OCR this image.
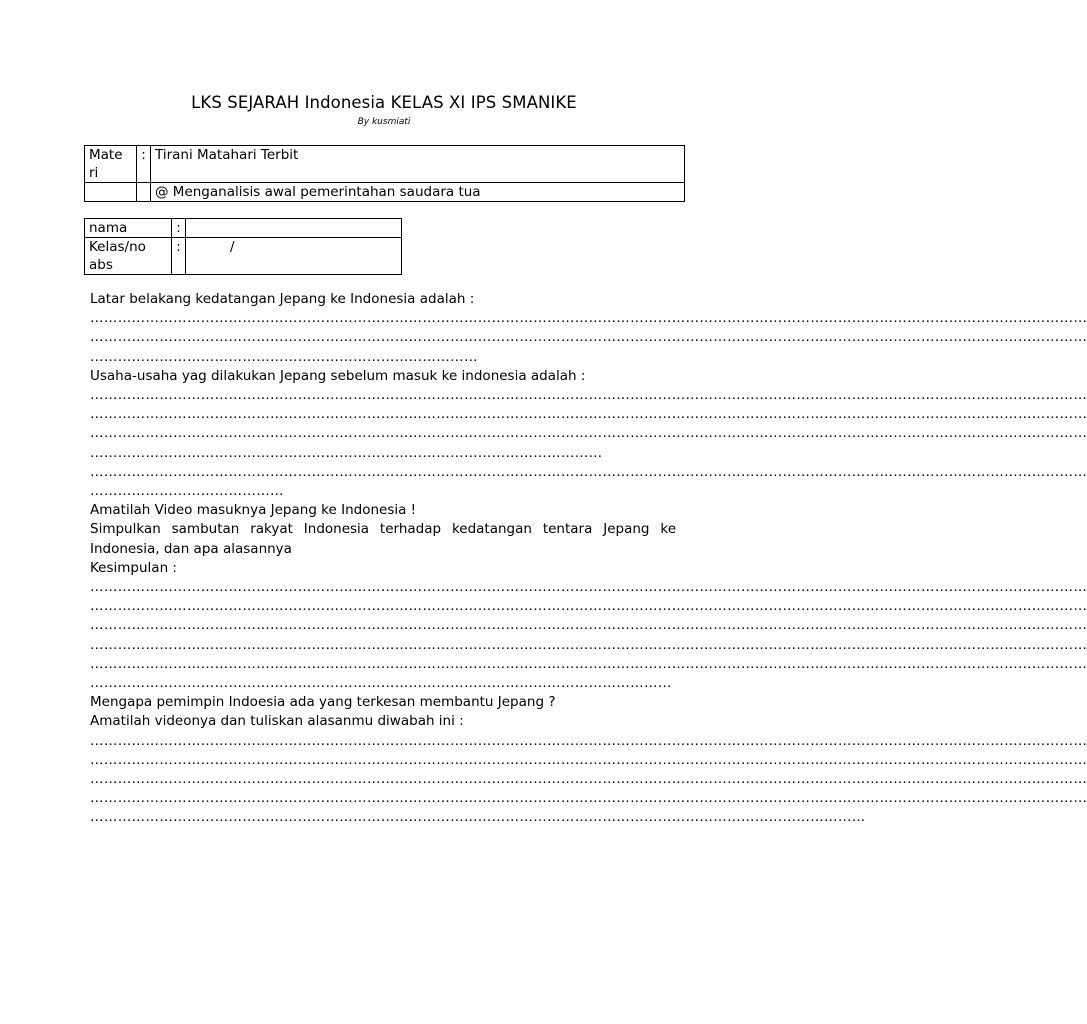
LKS SEJARAH Indonesia KELAS XI IPS SMANIKE
By kusmiati
Mate
ri	:	Tirani Matahari Terbit
		@ Menganalisis awal pemerintahan saudara tua
nama	:	

Kelas/no
abs	:	/
Latar belakang kedatangan Jepang ke Indonesia adalah :
………………………………………………………………………………………………………………………………………………………………………………………………
………………………………………………………………………………………………………………………………………………………………………………………………
…………………………………………………………………………
Usaha-usaha yag dilakukan Jepang sebelum masuk ke indonesia adalah :
………………………………………………………………………………………………………………………………………………………………………………………………
………………………………………………………………………………………………………………………………………………………………………………………………
………………………………………………………………………………………………………………………………………………………………………………………………
…………………………………………………………………………………………………
………………………………………………………………………………………………………………………………………………………………………………………………
……………………………………
Amatilah Video masuknya Jepang ke Indonesia !
Simpulkan sambutan rakyat Indonesia terhadap kedatangan tentara Jepang ke Indonesia, dan apa alasannya
Kesimpulan :
………………………………………………………………………………………………………………………………………………………………………………………………
………………………………………………………………………………………………………………………………………………………………………………………………
………………………………………………………………………………………………………………………………………………………………………………………………
………………………………………………………………………………………………………………………………………………………………………………………………
………………………………………………………………………………………………………………………………………………………………………………………………
………………………………………………………………………………………………………………
Mengapa pemimpin Indoesia ada yang terkesan membantu Jepang ?
Amatilah videonya dan tuliskan alasanmu diwabah ini :
………………………………………………………………………………………………………………………………………………………………………………………………
………………………………………………………………………………………………………………………………………………………………………………………………
………………………………………………………………………………………………………………………………………………………………………………………………
………………………………………………………………………………………………………………………………………………………………………………………………
……………………………………………………………………………………………………………………………………………………
